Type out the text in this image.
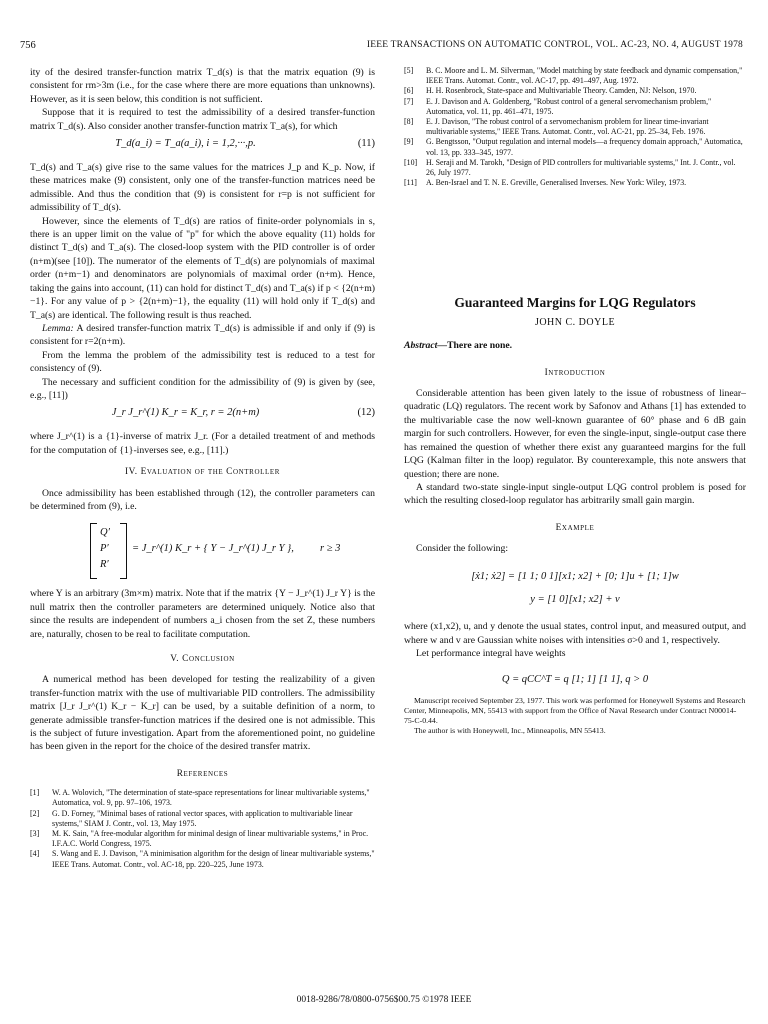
756	IEEE TRANSACTIONS ON AUTOMATIC CONTROL, VOL. AC-23, NO. 4, AUGUST 1978

ity of the desired transfer-function matrix T_d(s) is that the matrix equation (9) is consistent for rm>3m (i.e., for the case where there are more equations than unknowns). However, as it is seen below, this condition is not sufficient.

Suppose that it is required to test the admissibility of a desired transfer-function matrix T_d(s). Also consider another transfer-function matrix T_a(s), for which

T_d(a_i) = T_a(a_i), i = 1,2,···,p.	(11)

T_d(s) and T_a(s) give rise to the same values for the matrices J_p and K_p. Now, if these matrices make (9) consistent, only one of the transfer-function matrices need be admissible. And thus the condition that (9) is consistent for r=p is not sufficient for admissibility of T_d(s).

However, since the elements of T_d(s) are ratios of finite-order polynomials in s, there is an upper limit on the value of "p" for which the above equality (11) holds for distinct T_d(s) and T_a(s). The closed-loop system with the PID controller is of order (n+m)(see [10]). The numerator of the elements of T_d(s) are polynomials of maximal order (n+m−1) and denominators are polynomials of maximal order (n+m). Hence, taking the gains into account, (11) can hold for distinct T_d(s) and T_a(s) if p < {2(n+m)−1}. For any value of p > {2(n+m)−1}, the equality (11) will hold only if T_d(s) and T_a(s) are identical. The following result is thus reached.

Lemma: A desired transfer-function matrix T_d(s) is admissible if and only if (9) is consistent for r=2(n+m).

From the lemma the problem of the admissibility test is reduced to a test for consistency of (9).

The necessary and sufficient condition for the admissibility of (9) is given by (see, e.g., [11])

J_r J_r^(1) K_r = K_r, r = 2(n+m)	(12)

where J_r^(1) is a {1}-inverse of matrix J_r. (For a detailed treatment of and methods for the computation of {1}-inverses see, e.g., [11].)

IV. Evaluation of the Controller

Once admissibility has been established through (12), the controller parameters can be determined from (9), i.e.

Q′
P′
R′
= J_r^(1) K_r + { Y − J_r^(1) J_r Y }, r ≥ 3

where Y is an arbitrary (3m×m) matrix. Note that if the matrix {Y − J_r^(1) J_r Y} is the null matrix then the controller parameters are determined uniquely. Notice also that since the results are independent of numbers a_i chosen from the set Z, these numbers are, naturally, chosen to be real to facilitate computation.

V. Conclusion

A numerical method has been developed for testing the realizability of a given transfer-function matrix with the use of multivariable PID controllers. The admissibility matrix [J_r J_r^(1) K_r − K_r] can be used, by a suitable definition of a norm, to generate admissible transfer-function matrices if the desired one is not admissible. This is the subject of future investigation. Apart from the aforementioned point, no guideline has been given in the report for the choice of the desired transfer matrix.

References
[1] W. A. Wolovich, "The determination of state-space representations for linear multivariable systems," Automatica, vol. 9, pp. 97–106, 1973.
[2] G. D. Forney, "Minimal bases of rational vector spaces, with application to multivariable linear systems," SIAM J. Contr., vol. 13, May 1975.
[3] M. K. Sain, "A free-modular algorithm for minimal design of linear multivariable systems," in Proc. I.F.A.C. World Congress, 1975.
[4] S. Wang and E. J. Davison, "A minimisation algorithm for the design of linear multivariable systems," IEEE Trans. Automat. Contr., vol. AC-18, pp. 220–225, June 1973.
[5] B. C. Moore and L. M. Silverman, "Model matching by state feedback and dynamic compensation," IEEE Trans. Automat. Contr., vol. AC-17, pp. 491–497, Aug. 1972.
[6] H. H. Rosenbrock, State-space and Multivariable Theory. Camden, NJ: Nelson, 1970.
[7] E. J. Davison and A. Goldenberg, "Robust control of a general servomechanism problem," Automatica, vol. 11, pp. 461–471, 1975.
[8] E. J. Davison, "The robust control of a servomechanism problem for linear time-invariant multivariable systems," IEEE Trans. Automat. Contr., vol. AC-21, pp. 25–34, Feb. 1976.
[9] G. Bengtsson, "Output regulation and internal models—a frequency domain approach," Automatica, vol. 13, pp. 333–345, 1977.
[10] H. Seraji and M. Tarokh, "Design of PID controllers for multivariable systems," Int. J. Contr., vol. 26, July 1977.
[11] A. Ben-Israel and T. N. E. Greville, Generalised Inverses. New York: Wiley, 1973.
Guaranteed Margins for LQG Regulators
JOHN C. DOYLE
Abstract—There are none.
Introduction

Considerable attention has been given lately to the issue of robustness of linear–quadratic (LQ) regulators. The recent work by Safonov and Athans [1] has extended to the multivariable case the now well-known guarantee of 60° phase and 6 dB gain margin for such controllers. However, for even the single-input, single-output case there has remained the question of whether there exist any guaranteed margins for the full LQG (Kalman filter in the loop) regulator. By counterexample, this note answers that question; there are none.

A standard two-state single-input single-output LQG control problem is posed for which the resulting closed-loop regulator has arbitrarily small gain margin.

Example

Consider the following:

[ẋ1; ẋ2] = [1 1; 0 1][x1; x2] + [0; 1]u + [1; 1]w
y = [1 0][x1; x2] + v

where (x1,x2), u, and y denote the usual states, control input, and measured output, and where w and v are Gaussian white noises with intensities σ>0 and 1, respectively.

Let performance integral have weights

Q = qCC^T = q [1; 1] [1 1], q > 0
Manuscript received September 23, 1977. This work was performed for Honeywell Systems and Research Center, Minneapolis, MN, 55413 with support from the Office of Naval Research under Contract N00014-75-C-0.44.
The author is with Honeywell, Inc., Minneapolis, MN 55413.
0018-9286/78/0800-0756$00.75 ©1978 IEEE
